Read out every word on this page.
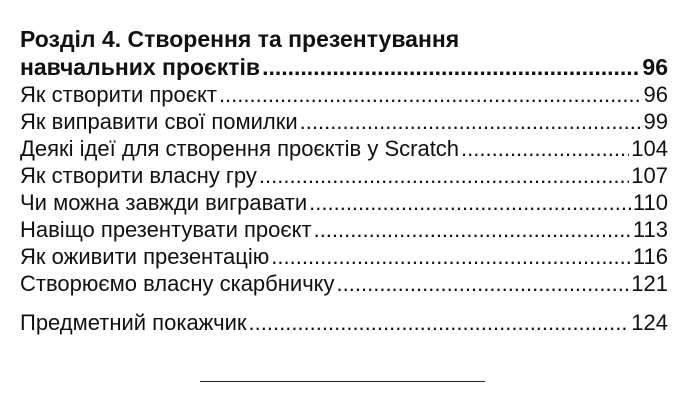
Розділ 4. Створення та презентування
навчальних проєктів .....	96
Як створити проєкт .....	96
Як виправити свої помилки .....	99
Деякі ідеї для створення проєктів у Scratch .....	104
Як створити власну гру .....	107
Чи можна завжди вигравати .....	110
Навіщо презентувати проєкт .....	113
Як оживити презентацію .....	116
Створюємо власну скарбничку .....	121
Предметний покажчик .....	124
